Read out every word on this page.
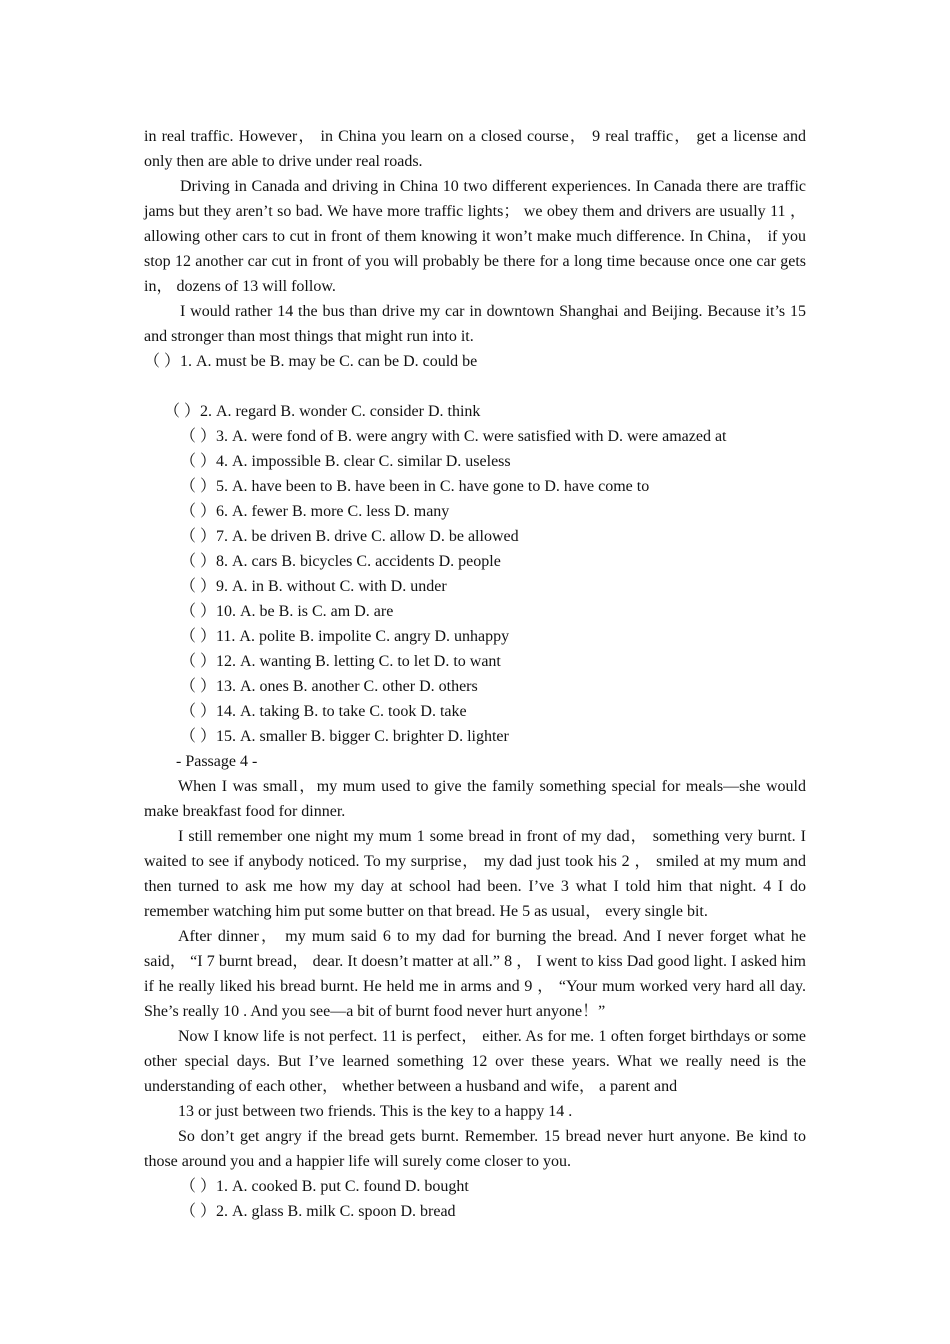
in real traffic. However， in China you learn on a closed course， 9 real traffic， get a license and only then are able to drive under real roads.

Driving in Canada and driving in China 10 two different experiences. In Canada there are traffic jams but they aren’t so bad. We have more traffic lights； we obey them and drivers are usually 11 ， allowing other cars to cut in front of them knowing it won’t make much difference. In China， if you stop 12 another car cut in front of you will probably be there for a long time because once one car gets in， dozens of 13 will follow.

I would rather 14 the bus than drive my car in downtown Shanghai and Beijing. Because it’s 15 and stronger than most things that might run into it.

（ ）1. A. must be B. may be C. can be D. could be

（ ）2. A. regard B. wonder C. consider D. think

（ ）3. A. were fond of B. were angry with C. were satisfied with D. were amazed at

（ ）4. A. impossible B. clear C. similar D. useless

（ ）5. A. have been to B. have been in C. have gone to D. have come to

（ ）6. A. fewer B. more C. less D. many

（ ）7. A. be driven B. drive C. allow D. be allowed

（ ）8. A. cars B. bicycles C. accidents D. people

（ ）9. A. in B. without C. with D. under

（ ）10. A. be B. is C. am D. are

（ ）11. A. polite B. impolite C. angry D. unhappy

（ ）12. A. wanting B. letting C. to let D. to want

（ ）13. A. ones B. another C. other D. others

（ ）14. A. taking B. to take C. took D. take

（ ）15. A. smaller B. bigger C. brighter D. lighter

- Passage 4 -

When I was small，my mum used to give the family something special for meals—she would make breakfast food for dinner.

I still remember one night my mum 1 some bread in front of my dad， something very burnt. I waited to see if anybody noticed. To my surprise， my dad just took his 2 ， smiled at my mum and then turned to ask me how my day at school had been. I’ve 3 what I told him that night. 4 I do remember watching him put some butter on that bread. He 5 as usual， every single bit.

After dinner， my mum said 6 to my dad for burning the bread. And I never forget what he said， “I 7 burnt bread， dear. It doesn’t matter at all.” 8 ， I went to kiss Dad good light. I asked him if he really liked his bread burnt. He held me in arms and 9 ， “Your mum worked very hard all day. She’s really 10 . And you see—a bit of burnt food never hurt anyone！”

Now I know life is not perfect. 11 is perfect， either. As for me. 1 often forget birthdays or some other special days. But I’ve learned something 12 over these years. What we really need is the understanding of each other， whether between a husband and wife， a parent and

13 or just between two friends. This is the key to a happy 14 .

So don’t get angry if the bread gets burnt. Remember. 15 bread never hurt anyone. Be kind to those around you and a happier life will surely come closer to you.

（ ）1. A. cooked B. put C. found D. bought

（ ）2. A. glass B. milk C. spoon D. bread
